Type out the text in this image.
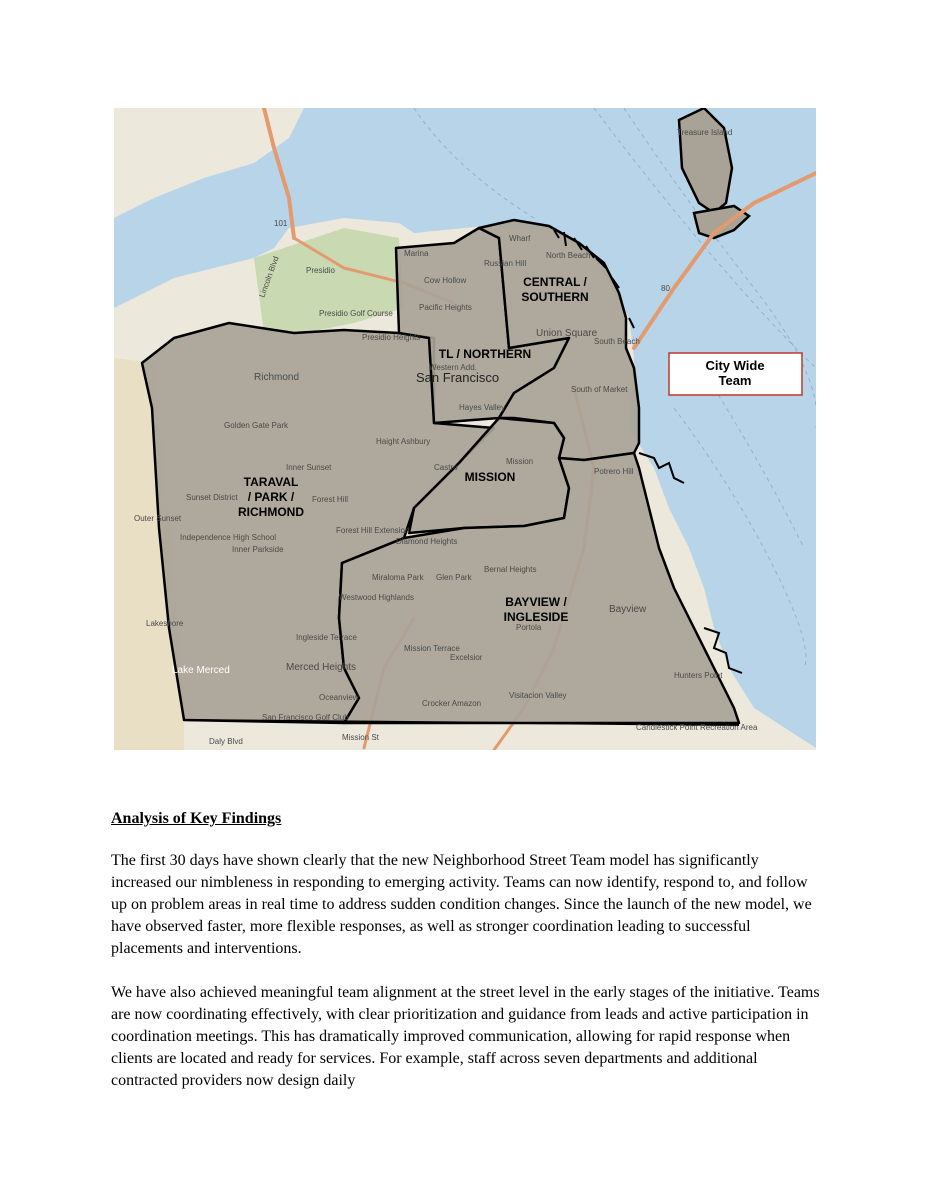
Treasure Island
Wharf
North Beach
Marina
Russian Hill
Cow Hollow
Pacific Heights
Presidio
Presidio Golf Course
Lincoln Blvd
Presidio Heights
Richmond
Western Add.
Union Square
South Beach
South of Market
Golden Gate Park
Haight Ashbury
Hayes Valley
Castro
Mission
Inner Sunset
Sunset District
Outer Sunset
Forest Hill
Potrero Hill
Independence High School
Inner Parkside
Forest Hill Extension
Diamond Heights
Miraloma Park Glen Park
Bernal Heights
Westwood Highlands
Bayview
Lakeshore
Ingleside Terrace
Portola
Lake Merced	Merced Heights
Mission Terrace
Excelsior
Hunters Point
Oceanview
San Francisco Golf Club
Crocker Amazon
Visitacion Valley
Candlestick Point Recreation Area
Daly Blvd	Mission St
101
80
San Francisco
CENTRAL / SOUTHERN
TL / NORTHERN
MISSION
TARAVAL / PARK / RICHMOND
BAYVIEW / INGLESIDE
City Wide Team
Analysis of Key Findings

The first 30 days have shown clearly that the new Neighborhood Street Team model has significantly increased our nimbleness in responding to emerging activity. Teams can now identify, respond to, and follow up on problem areas in real time to address sudden condition changes. Since the launch of the new model, we have observed faster, more flexible responses, as well as stronger coordination leading to successful placements and interventions.

We have also achieved meaningful team alignment at the street level in the early stages of the initiative. Teams are now coordinating effectively, with clear prioritization and guidance from leads and active participation in coordination meetings. This has dramatically improved communication, allowing for rapid response when clients are located and ready for services. For example, staff across seven departments and additional contracted providers now design daily
